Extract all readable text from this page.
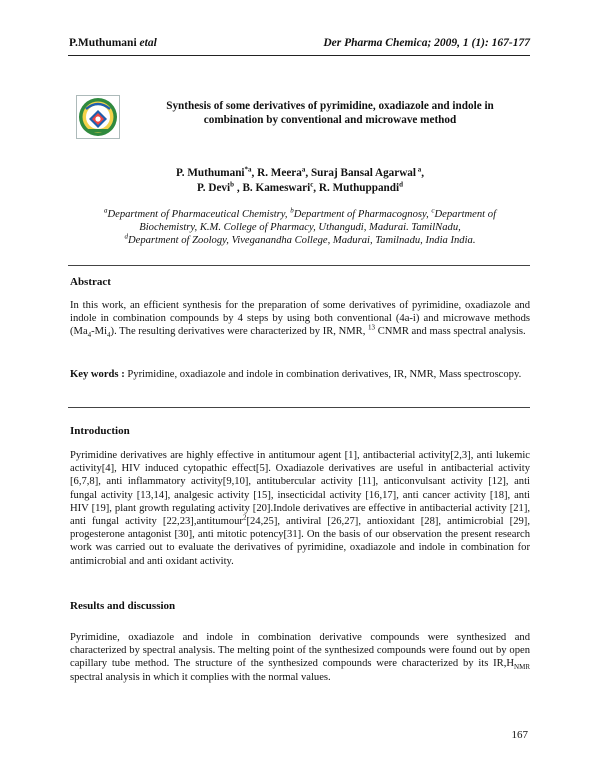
P.Muthumani etal	Der Pharma Chemica; 2009, 1 (1): 167-177
Synthesis of some derivatives of pyrimidine, oxadiazole and indole in
combination by conventional and microwave method
P. Muthumani$^{*a}$, R. Meera$^a$, Suraj Bansal Agarwal $^a$,
P. Devi$^b$ , B. Kameswari$^c$, R. Muthuppandi$^d$
$^a$Department of Pharmaceutical Chemistry, $^b$Department of Pharmacognosy, $^c$Department of
Biochemistry, K.M. College of Pharmacy, Uthangudi, Madurai. TamilNadu,
$^d$Department of Zoology, Viveganandha College, Madurai, Tamilnadu, India India.
Abstract
In this work, an efficient synthesis for the preparation of some derivatives of pyrimidine, oxadiazole and indole in combination compounds by 4 steps by using both conventional (4a-i) and microwave methods $(Ma_4-Mi_4)$. The resulting derivatives were characterized by IR, NMR, $^{13}$ CNMR and mass spectral analysis.
Key words : Pyrimidine, oxadiazole and indole in combination derivatives, IR, NMR, Mass spectroscopy.
Introduction
Pyrimidine derivatives are highly effective in antitumour agent [1], antibacterial activity[2,3], anti lukemic activity[4], HIV induced cytopathic effect[5]. Oxadiazole derivatives are useful in antibacterial activity [6,7,8], anti inflammatory activity[9,10], antitubercular activity [11], anticonvulsant activity [12], anti fungal activity [13,14], analgesic activity [15], insecticidal activity [16,17], anti cancer activity [18], anti HIV [19], plant growth regulating activity [20].Indole derivatives are effective in antibacterial activity [21], anti fungal activity [22,23],antitumour$^2$[24,25], antiviral [26,27], antioxidant [28], antimicrobial [29], progesterone antagonist [30], anti mitotic potency[31]. On the basis of our observation the present research work was carried out to evaluate the derivatives of pyrimidine, oxadiazole and indole in combination for antimicrobial and anti oxidant activity.
Results and discussion
Pyrimidine, oxadiazole and indole in combination derivative compounds were synthesized and characterized by spectral analysis. The melting point of the synthesized compounds were found out by open capillary tube method. The structure of the synthesized compounds were characterized by its $IR,H_{NMR}$ spectral analysis in which it complies with the normal values.
167
